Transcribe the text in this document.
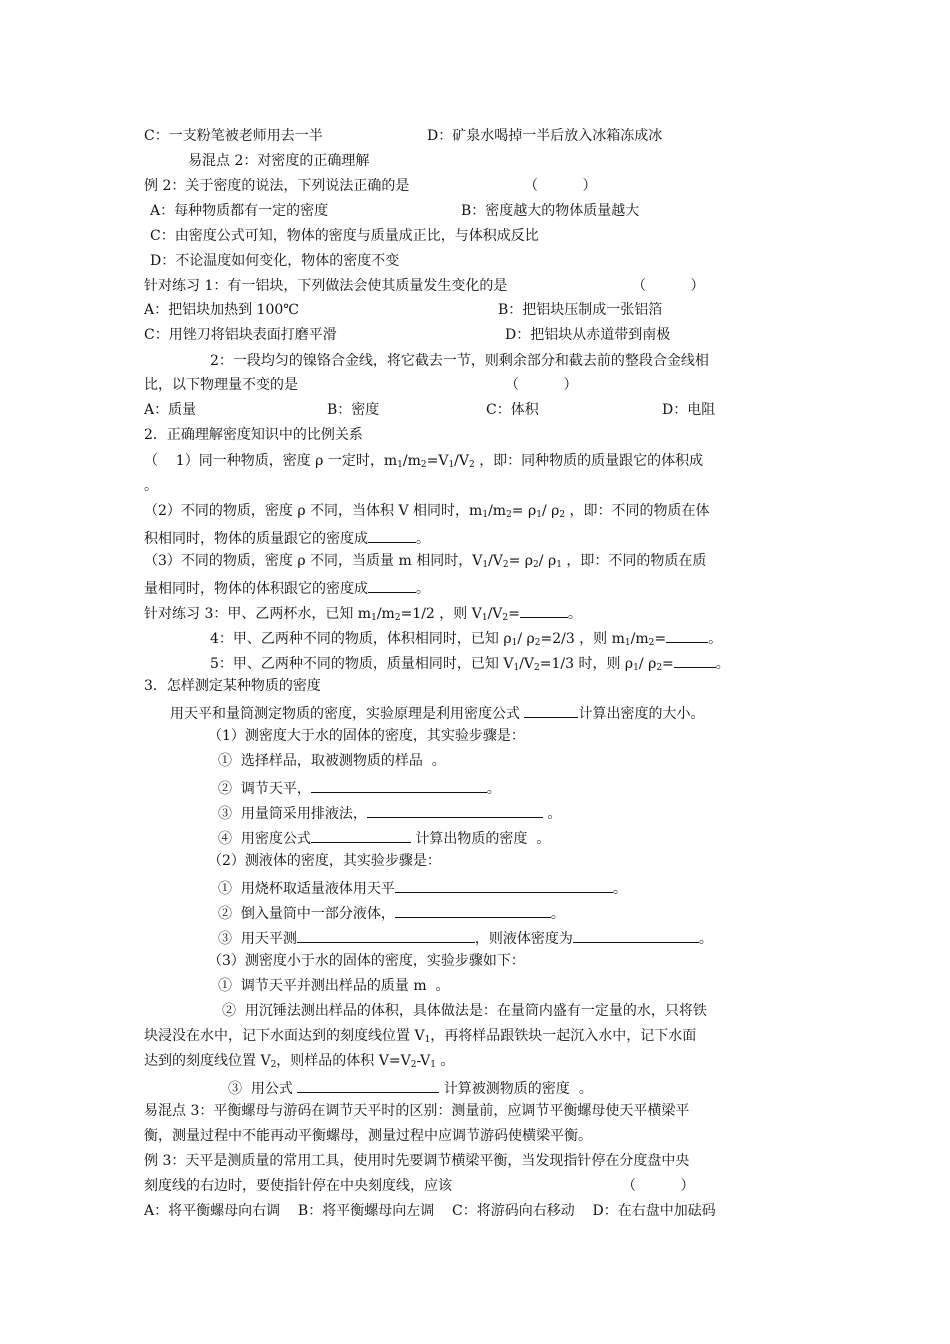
C：一支粉笔被老师用去一半	D：矿泉水喝掉一半后放入冰箱冻成冰
易混点 2：对密度的正确理解
例 2：关于密度的说法，下列说法正确的是	（          ）
A：每种物质都有一定的密度	B：密度越大的物体质量越大
C：由密度公式可知，物体的密度与质量成正比，与体积成反比
D：不论温度如何变化，物体的密度不变
针对练习 1：有一铝块，下列做法会使其质量发生变化的是	（          ）
A：把铝块加热到 100℃	B：把铝块压制成一张铝箔
C：用锉刀将铝块表面打磨平滑	D：把铝块从赤道带到南极
2：一段均匀的镍铬合金线，将它截去一节，则剩余部分和截去前的整段合金线相
比，以下物理量不变的是	（          ）
A：质量	B：密度	C：体积	D：电阻
2．正确理解密度知识中的比例关系
（    1）同一种物质，密度 ρ 一定时，$m_1/m_2=V_1/V_2$ ，即：同种物质的质量跟它的体积成
。
（2）不同的物质，密度 ρ 不同，当体积 V 相同时，$m_1/m_2= \rho_1/$ $\rho_2$ ，即：不同的物质在体
积相同时，物体的质量跟它的密度成	。
（3）不同的物质，密度 ρ 不同，当质量 m 相同时，$V_1/V_2= \rho_2/$ $\rho_1$ ，即：不同的物质在质
量相同时，物体的体积跟它的密度成	。
针对练习 3：甲、乙两杯水，已知 $m_1/m_2=1/2$ ，则 $V_1/V_2=$	。
4：甲、乙两种不同的物质，体积相同时，已知 $\rho_1/$ $\rho_2=2/3$ ，则 $m_1/m_2=$	。
5：甲、乙两种不同的物质，质量相同时，已知 $V_1/V_2=1/3$ 时，则 $\rho_1/$ $\rho_2=$	。
3．怎样测定某种物质的密度
用天平和量筒测定物质的密度，实验原理是利用密度公式	计算出密度的大小。
（1）测密度大于水的固体的密度，其实验步骤是：
①  选择样品，取被测物质的样品  。
②  调节天平，	。
③  用量筒采用排液法，	。
④  用密度公式	计算出物质的密度  。
（2）测液体的密度，其实验步骤是：
①  用烧杯取适量液体用天平	。
②  倒入量筒中一部分液体，	。
③  用天平测	，则液体密度为	。
（3）测密度小于水的固体的密度，实验步骤如下：
①  调节天平并测出样品的质量 m  。
②  用沉锤法测出样品的体积，具体做法是：在量筒内盛有一定量的水，只将铁
块浸没在水中，记下水面达到的刻度线位置 $V_1$，再将样品跟铁块一起沉入水中，记下水面
达到的刻度线位置 $V_2$，则样品的体积 $V=V_2-V_1$ 。
③  用公式	计算被测物质的密度  。
易混点 3：平衡螺母与游码在调节天平时的区别：测量前，应调节平衡螺母使天平横梁平
衡，测量过程中不能再动平衡螺母，测量过程中应调节游码使横梁平衡。
例 3：天平是测质量的常用工具，使用时先要调节横梁平衡，当发现指针停在分度盘中央
刻度线的右边时，要使指针停在中央刻度线，应该	（          ）
A：将平衡螺母向右调    B：将平衡螺母向左调    C：将游码向右移动    D：在右盘中加砝码
